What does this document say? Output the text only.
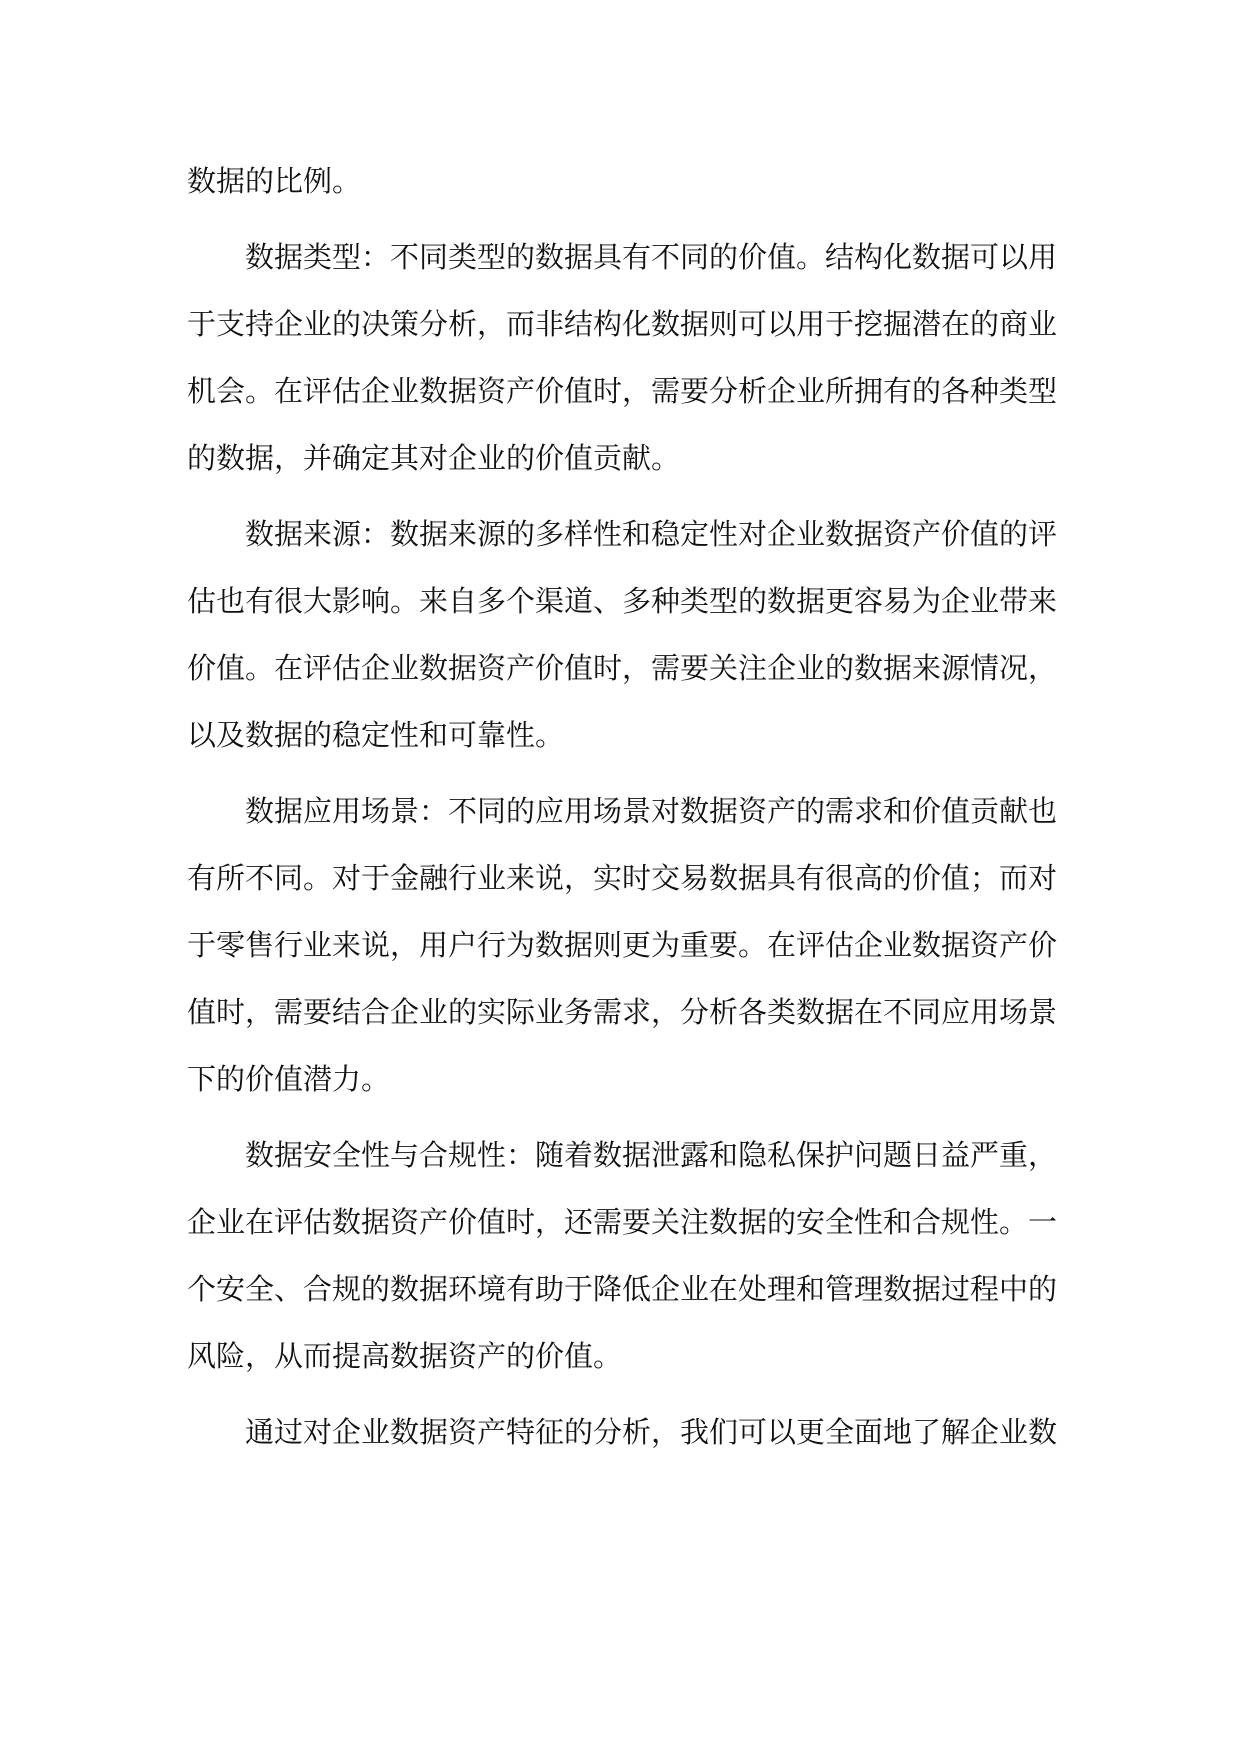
数据的比例。

数据类型：不同类型的数据具有不同的价值。结构化数据可以用于支持企业的决策分析，而非结构化数据则可以用于挖掘潜在的商业机会。在评估企业数据资产价值时，需要分析企业所拥有的各种类型的数据，并确定其对企业的价值贡献。

数据来源：数据来源的多样性和稳定性对企业数据资产价值的评估也有很大影响。来自多个渠道、多种类型的数据更容易为企业带来价值。在评估企业数据资产价值时，需要关注企业的数据来源情况，以及数据的稳定性和可靠性。

数据应用场景：不同的应用场景对数据资产的需求和价值贡献也有所不同。对于金融行业来说，实时交易数据具有很高的价值；而对于零售行业来说，用户行为数据则更为重要。在评估企业数据资产价值时，需要结合企业的实际业务需求，分析各类数据在不同应用场景下的价值潜力。

数据安全性与合规性：随着数据泄露和隐私保护问题日益严重，企业在评估数据资产价值时，还需要关注数据的安全性和合规性。一个安全、合规的数据环境有助于降低企业在处理和管理数据过程中的风险，从而提高数据资产的价值。

通过对企业数据资产特征的分析，我们可以更全面地了解企业数
